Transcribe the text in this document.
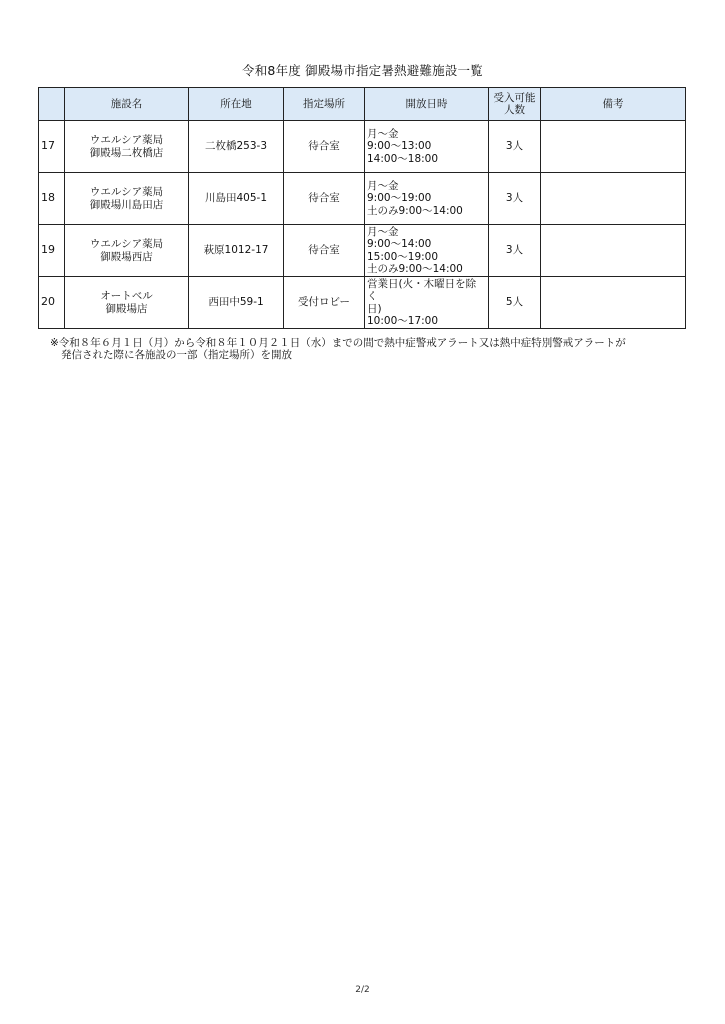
令和8年度 御殿場市指定暑熱避難施設一覧
	施設名	所在地	指定場所	開放日時	受入可能
人数	備考
17	ウエルシア薬局
御殿場二枚橋店	二枚橋253-3	待合室	月～金
9:00～13:00
14:00～18:00	3人	
18	ウエルシア薬局
御殿場川島田店	川島田405-1	待合室	月～金
9:00～19:00
土のみ9:00～14:00	3人	
19	ウエルシア薬局
御殿場西店	萩原1012-17	待合室	月～金
9:00～14:00
15:00～19:00
土のみ9:00～14:00	3人	
20	オートベル
御殿場店	西田中59-1	受付ロビー	営業日(火・木曜日を除く
日)
10:00～17:00	5人	
※令和８年６月１日（月）から令和８年１０月２１日（水）までの間で熱中症警戒アラート又は熱中症特別警戒アラートが
発信された際に各施設の一部（指定場所）を開放
2/2
